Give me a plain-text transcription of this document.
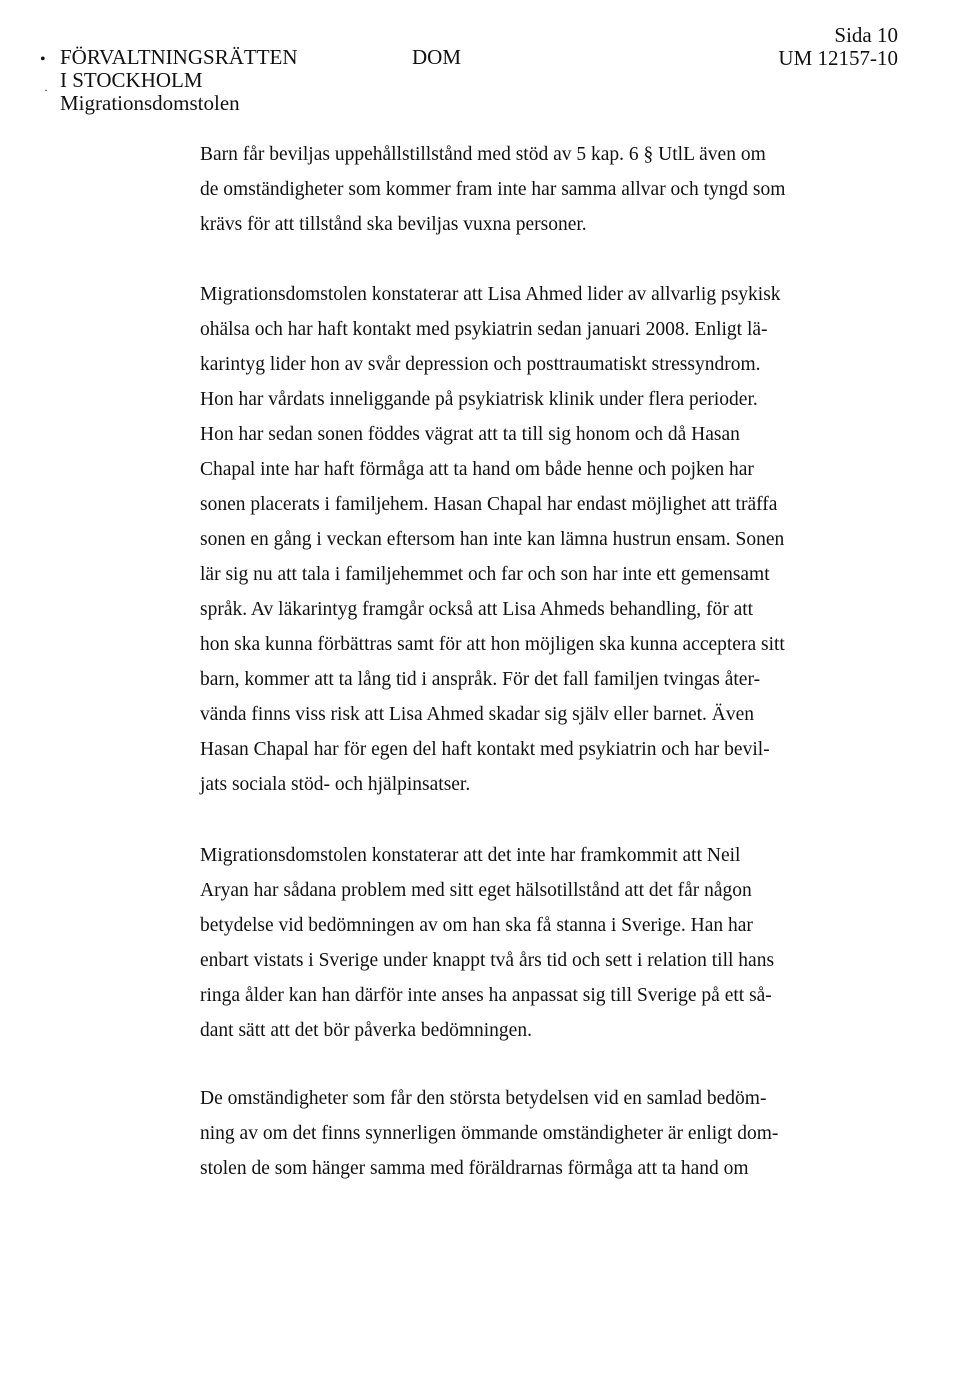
•
·
FÖRVALTNINGSRÄTTEN
I STOCKHOLM
Migrationsdomstolen
DOM
Sida 10
UM 12157-10
Barn får beviljas uppehållstillstånd med stöd av 5 kap. 6 § UtlL även om
de omständigheter som kommer fram inte har samma allvar och tyngd som
krävs för att tillstånd ska beviljas vuxna personer.
Migrationsdomstolen konstaterar att Lisa Ahmed lider av allvarlig psykisk
ohälsa och har haft kontakt med psykiatrin sedan januari 2008. Enligt lä-
karintyg lider hon av svår depression och posttraumatiskt stressyndrom.
Hon har vårdats inneliggande på psykiatrisk klinik under flera perioder.
Hon har sedan sonen föddes vägrat att ta till sig honom och då Hasan
Chapal inte har haft förmåga att ta hand om både henne och pojken har
sonen placerats i familjehem. Hasan Chapal har endast möjlighet att träffa
sonen en gång i veckan eftersom han inte kan lämna hustrun ensam. Sonen
lär sig nu att tala i familjehemmet och far och son har inte ett gemensamt
språk. Av läkarintyg framgår också att Lisa Ahmeds behandling, för att
hon ska kunna förbättras samt för att hon möjligen ska kunna acceptera sitt
barn, kommer att ta lång tid i anspråk. För det fall familjen tvingas åter-
vända finns viss risk att Lisa Ahmed skadar sig själv eller barnet. Även
Hasan Chapal har för egen del haft kontakt med psykiatrin och har bevil-
jats sociala stöd- och hjälpinsatser.
Migrationsdomstolen konstaterar att det inte har framkommit att Neil
Aryan har sådana problem med sitt eget hälsotillstånd att det får någon
betydelse vid bedömningen av om han ska få stanna i Sverige. Han har
enbart vistats i Sverige under knappt två års tid och sett i relation till hans
ringa ålder kan han därför inte anses ha anpassat sig till Sverige på ett så-
dant sätt att det bör påverka bedömningen.
De omständigheter som får den största betydelsen vid en samlad bedöm-
ning av om det finns synnerligen ömmande omständigheter är enligt dom-
stolen de som hänger samma med föräldrarnas förmåga att ta hand om
